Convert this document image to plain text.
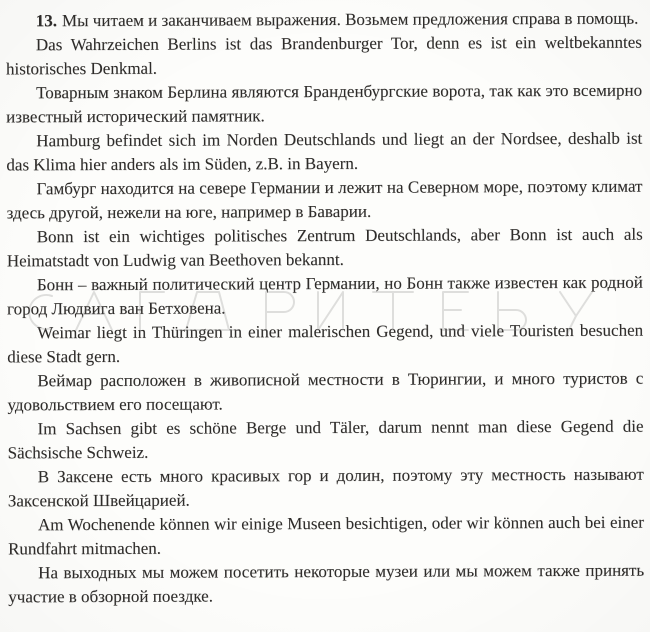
13. Мы читаем и заканчиваем выражения. Возьмем предложения справа в помощь.

Das Wahrzeichen Berlins ist das Brandenburger Tor, denn es ist ein weltbekanntes historisches Denkmal.

Товарным знаком Берлина являются Бранденбургские ворота, так как это всемирно известный исторический памятник.

Hamburg befindet sich im Norden Deutschlands und liegt an der Nordsee, deshalb ist das Klima hier anders als im Süden, z.B. in Bayern.

Гамбург находится на севере Германии и лежит на Северном море, поэтому климат здесь другой, нежели на юге, например в Баварии.

Bonn ist ein wichtiges politisches Zentrum Deutschlands, aber Bonn ist auch als Heimatstadt von Ludwig van Beethoven bekannt.

Бонн – важный политический центр Германии, но Бонн также известен как родной город Людвига ван Бетховена.

Weimar liegt in Thüringen in einer malerischen Gegend, und viele Touristen besuchen diese Stadt gern.

Веймар расположен в живописной местности в Тюрингии, и много туристов с удовольствием его посещают.

Im Sachsen gibt es schöne Berge und Täler, darum nennt man diese Gegend die Sächsische Schweiz.

В Заксене есть много красивых гор и долин, поэтому эту местность называют Заксенской Швейцарией.

Am Wochenende können wir einige Museen besichtigen, oder wir können auch bei einer Rundfahrt mitmachen.

На выходных мы можем посетить некоторые музеи или мы можем также принять участие в обзорной поездке.
